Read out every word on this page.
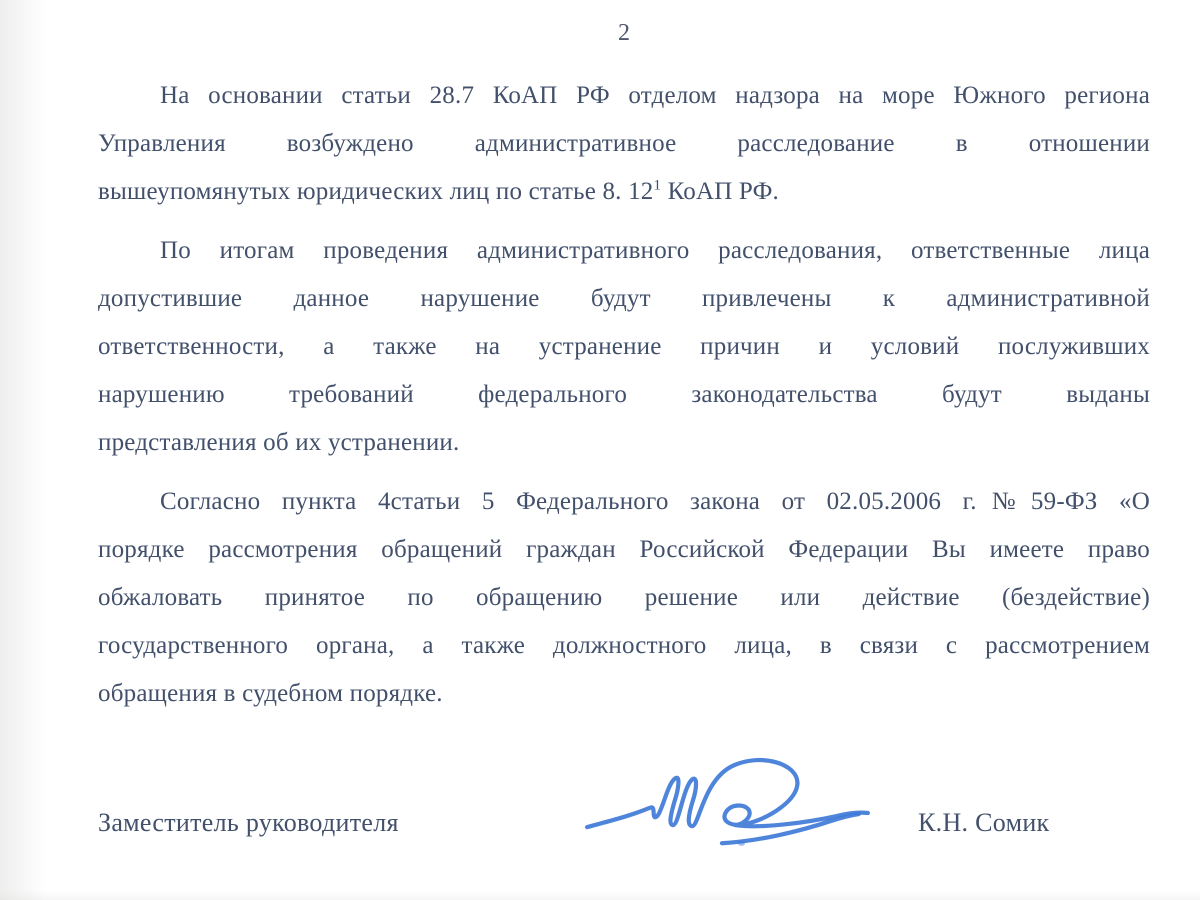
2
На основании статьи 28.7 КоАП РФ отделом надзора на море Южного региона
Управления возбуждено административное расследование в отношении
вышеупомянутых юридических лиц по статье 8. 12$^1$ КоАП РФ.
По итогам проведения административного расследования, ответственные лица
допустившие данное нарушение будут привлечены к административной
ответственности, а также на устранение причин и условий послуживших
нарушению требований федерального законодательства будут выданы
представления об их устранении.
Согласно пункта 4статьи 5 Федерального закона от 02.05.2006 г.№59-ФЗ «О
порядке рассмотрения обращений граждан Российской Федерации Вы имеете право
обжаловать принятое по обращению решение или действие (бездействие)
государственного органа, а также должностного лица, в связи с рассмотрением
обращения в судебном порядке.
Заместитель руководителя	К.Н. Сомик
